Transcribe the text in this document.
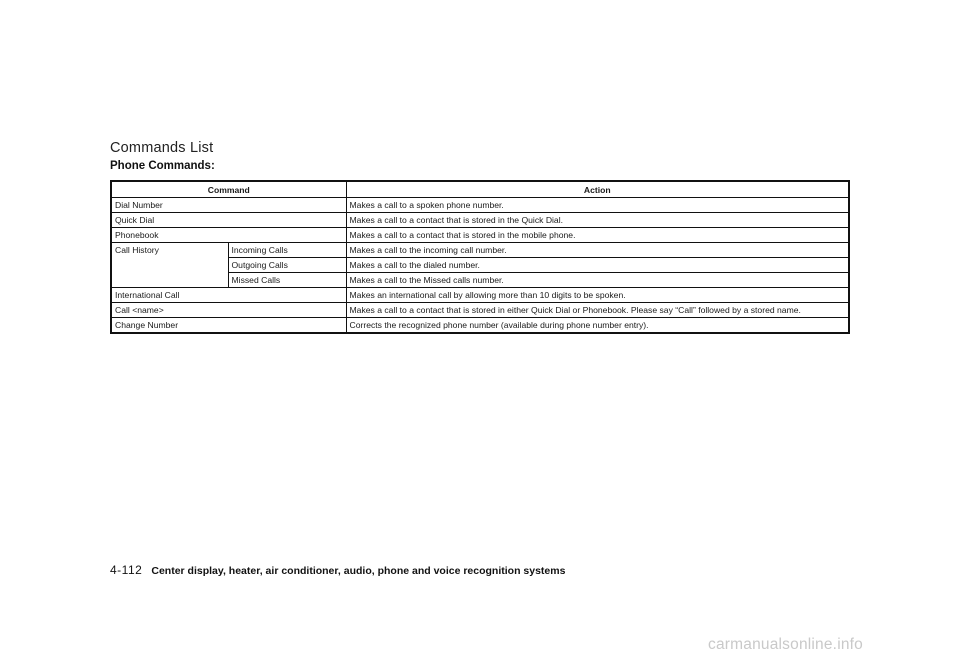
Commands List
Phone Commands:
Command		Action
Dial Number		Makes a call to a spoken phone number.
Quick Dial		Makes a call to a contact that is stored in the Quick Dial.
Phonebook		Makes a call to a contact that is stored in the mobile phone.
Call History	Incoming Calls	Makes a call to the incoming call number.
	Outgoing Calls	Makes a call to the dialed number.
	Missed Calls	Makes a call to the Missed calls number.
International Call		Makes an international call by allowing more than 10 digits to be spoken.
Call <name>		Makes a call to a contact that is stored in either Quick Dial or Phonebook. Please say “Call” followed by a stored name.
Change Number		Corrects the recognized phone number (available during phone number entry).
4-112 Center display, heater, air conditioner, audio, phone and voice recognition systems
carmanualsonline.info
